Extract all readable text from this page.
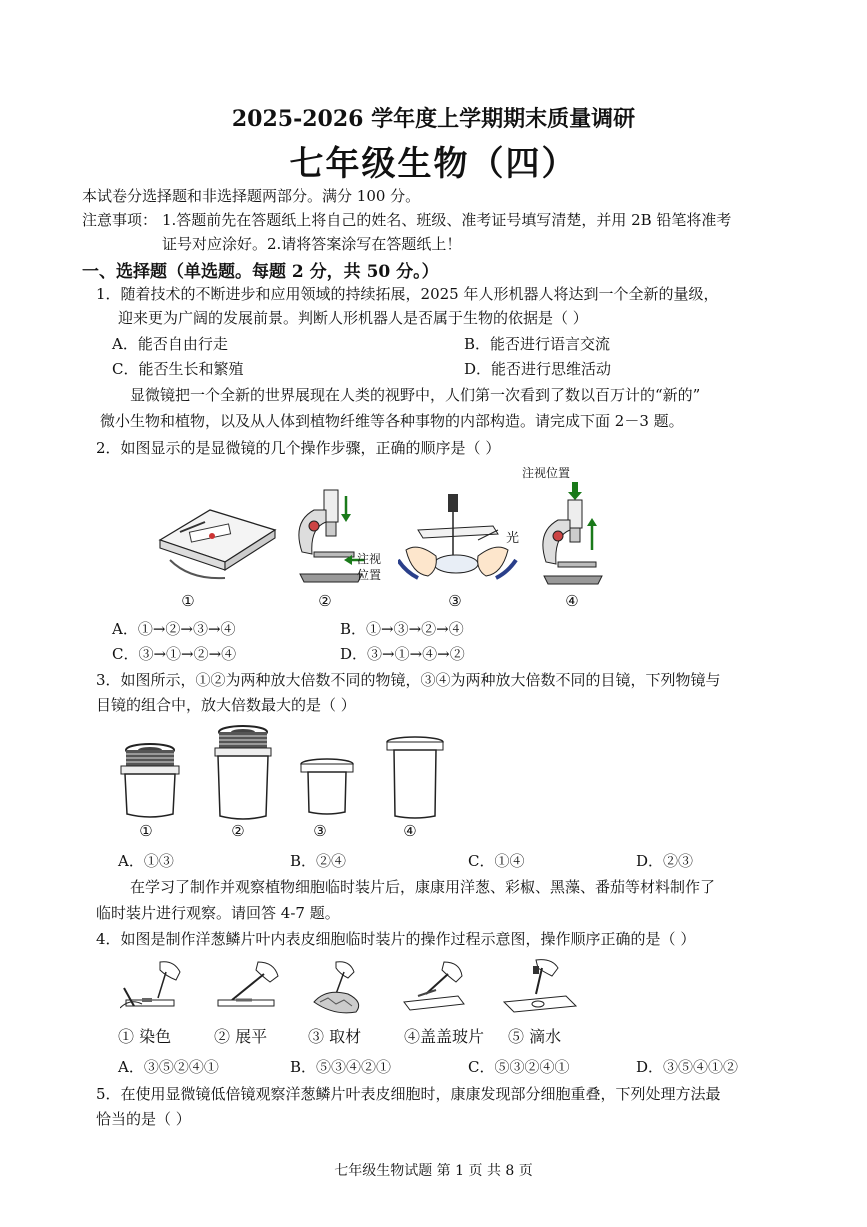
2025-2026 学年度上学期期末质量调研
七年级生物（四）
本试卷分选择题和非选择题两部分。满分 100 分。
注意事项： 1.答题前先在答题纸上将自己的姓名、班级、准考证号填写清楚，并用 2B 铅笔将准考
证号对应涂好。2.请将答案涂写在答题纸上！
一、选择题（单选题。每题 2 分，共 50 分。）
1．随着技术的不断进步和应用领域的持续拓展，2025 年人形机器人将达到一个全新的量级，
迎来更为广阔的发展前景。判断人形机器人是否属于生物的依据是（ ）
A．能否自由行走	B．能否进行语言交流
C．能否生长和繁殖	D．能否进行思维活动
显微镜把一个全新的世界展现在人类的视野中，人们第一次看到了数以百万计的“新的”
微小生物和植物，以及从人体到植物纤维等各种事物的内部构造。请完成下面 2－3 题。
2．如图显示的是显微镜的几个操作步骤，正确的顺序是（ ）
①
注视
位置
②
光
③
注视位置
④
A．①→②→③→④	B．①→③→②→④
C．③→①→②→④	D．③→①→④→②
3．如图所示，①②为两种放大倍数不同的物镜，③④为两种放大倍数不同的目镜，下列物镜与
目镜的组合中，放大倍数最大的是（ ）
①	②	③	④
A．①③	B．②④	C．①④	D．②③
在学习了制作并观察植物细胞临时装片后，康康用洋葱、彩椒、黑藻、番茄等材料制作了
临时装片进行观察。请回答 4-7 题。
4．如图是制作洋葱鳞片叶内表皮细胞临时装片的操作过程示意图，操作顺序正确的是（ ）
① 染色	② 展平	③ 取材	④盖盖玻片 ⑤ 滴水
A．③⑤②④①	B．⑤③④②①	C．⑤③②④①	D．③⑤④①②
5．在使用显微镜低倍镜观察洋葱鳞片叶表皮细胞时，康康发现部分细胞重叠，下列处理方法最
恰当的是（ ）
七年级生物试题 第 1 页 共 8 页
